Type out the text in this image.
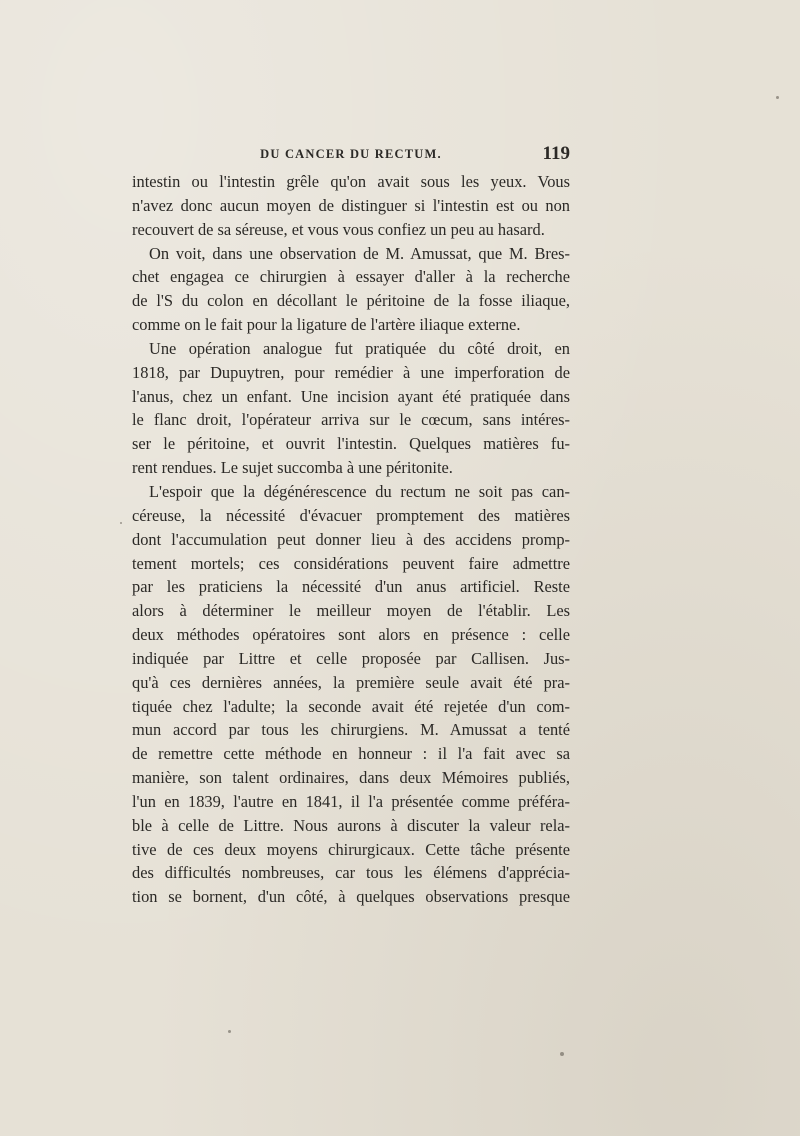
DU CANCER DU RECTUM.	119
intestin ou l'intestin grêle qu'on avait sous les yeux. Vous
n'avez donc aucun moyen de distinguer si l'intestin est ou non
recouvert de sa séreuse, et vous vous confiez un peu au hasard.
On voit, dans une observation de M. Amussat, que M. Bres-
chet engagea ce chirurgien à essayer d'aller à la recherche
de l'S du colon en décollant le péritoine de la fosse iliaque,
comme on le fait pour la ligature de l'artère iliaque externe.
Une opération analogue fut pratiquée du côté droit, en
1818, par Dupuytren, pour remédier à une imperforation de
l'anus, chez un enfant. Une incision ayant été pratiquée dans
le flanc droit, l'opérateur arriva sur le cœcum, sans intéres-
ser le péritoine, et ouvrit l'intestin. Quelques matières fu-
rent rendues. Le sujet succomba à une péritonite.
L'espoir que la dégénérescence du rectum ne soit pas can-
céreuse, la nécessité d'évacuer promptement des matières
dont l'accumulation peut donner lieu à des accidens promp-
tement mortels; ces considérations peuvent faire admettre
par les praticiens la nécessité d'un anus artificiel. Reste
alors à déterminer le meilleur moyen de l'établir. Les
deux méthodes opératoires sont alors en présence : celle
indiquée par Littre et celle proposée par Callisen. Jus-
qu'à ces dernières années, la première seule avait été pra-
tiquée chez l'adulte; la seconde avait été rejetée d'un com-
mun accord par tous les chirurgiens. M. Amussat a tenté
de remettre cette méthode en honneur : il l'a fait avec sa
manière, son talent ordinaires, dans deux Mémoires publiés,
l'un en 1839, l'autre en 1841, il l'a présentée comme préféra-
ble à celle de Littre. Nous aurons à discuter la valeur rela-
tive de ces deux moyens chirurgicaux. Cette tâche présente
des difficultés nombreuses, car tous les élémens d'apprécia-
tion se bornent, d'un côté, à quelques observations presque
